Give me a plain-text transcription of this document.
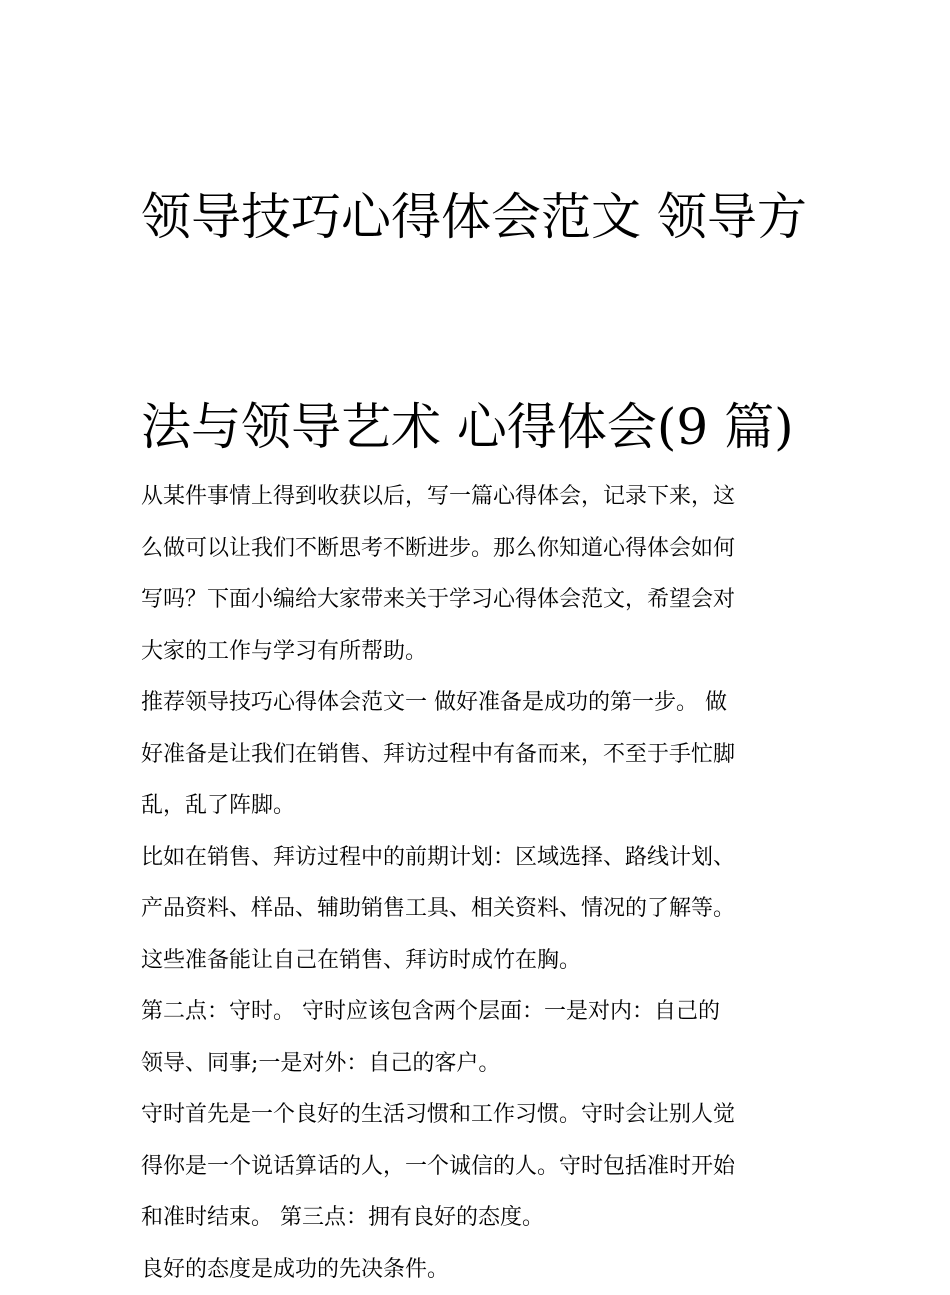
领导技巧心得体会范文 领导方

法与领导艺术 心得体会(9 篇)

从某件事情上得到收获以后，写一篇心得体会，记录下来，这
么做可以让我们不断思考不断进步。那么你知道心得体会如何
写吗？下面小编给大家带来关于学习心得体会范文，希望会对
大家的工作与学习有所帮助。

推荐领导技巧心得体会范文一 做好准备是成功的第一步。 做
好准备是让我们在销售、拜访过程中有备而来，不至于手忙脚
乱，乱了阵脚。

比如在销售、拜访过程中的前期计划：区域选择、路线计划、
产品资料、样品、辅助销售工具、相关资料、情况的了解等。
这些准备能让自己在销售、拜访时成竹在胸。

第二点：守时。 守时应该包含两个层面：一是对内：自己的
领导、同事;一是对外：自己的客户。

守时首先是一个良好的生活习惯和工作习惯。守时会让别人觉
得你是一个说话算话的人，一个诚信的人。守时包括准时开始
和准时结束。 第三点：拥有良好的态度。

良好的态度是成功的先决条件。
